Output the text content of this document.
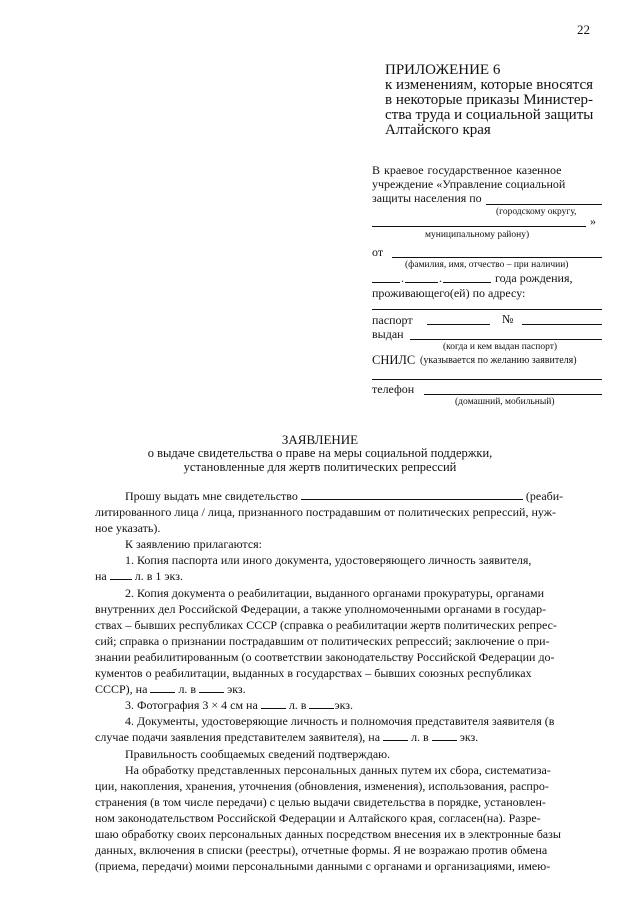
22
ПРИЛОЖЕНИЕ 6
к изменениям, которые вносятся
в некоторые приказы Министер-
ства труда и социальной защиты
Алтайского края
В краевое государственное казенное
учреждение «Управление социальной
защиты населения по
(городскому округу,
»
муниципальному району)
от
(фамилия, имя, отчество – при наличии)
.	.	года рождения,
проживающего(ей) по адресу:
паспорт	№
выдан
(когда и кем выдан паспорт)
СНИЛС (указывается по желанию заявителя)
телефон
(домашний, мобильный)
ЗАЯВЛЕНИЕ
о выдаче свидетельства о праве на меры социальной поддержки,
установленные для жертв политических репрессий

Прошу выдать мне свидетельство	(реаби-

литированного лица / лица, признанного пострадавшим от политических репрессий, нуж-

ное указать).

К заявлению прилагаются:

1. Копия паспорта или иного документа, удостоверяющего личность заявителя,

на л. в 1 экз.

2. Копия документа о реабилитации, выданного органами прокуратуры, органами

внутренних дел Российской Федерации, а также уполномоченными органами в государ-

ствах – бывших республиках СССР (справка о реабилитации жертв политических репрес-

сий; справка о признании пострадавшим от политических репрессий; заключение о при-

знании реабилитированным (о соответствии законодательству Российской Федерации до-

кументов о реабилитации, выданных в государствах – бывших союзных республиках

СССР), на	л. в	экз.

3. Фотография 3 × 4 см на	л. в экз.

4. Документы, удостоверяющие личность и полномочия представителя заявителя (в

случае подачи заявления представителем заявителя), на	л. в	экз.

Правильность сообщаемых сведений подтверждаю.

На обработку представленных персональных данных путем их сбора, систематиза-

ции, накопления, хранения, уточнения (обновления, изменения), использования, распро-

странения (в том числе передачи) с целью выдачи свидетельства в порядке, установлен-

ном законодательством Российской Федерации и Алтайского края, согласен(на). Разре-

шаю обработку своих персональных данных посредством внесения их в электронные базы

данных, включения в списки (реестры), отчетные формы. Я не возражаю против обмена

(приема, передачи) моими персональными данными с органами и организациями, имею-
